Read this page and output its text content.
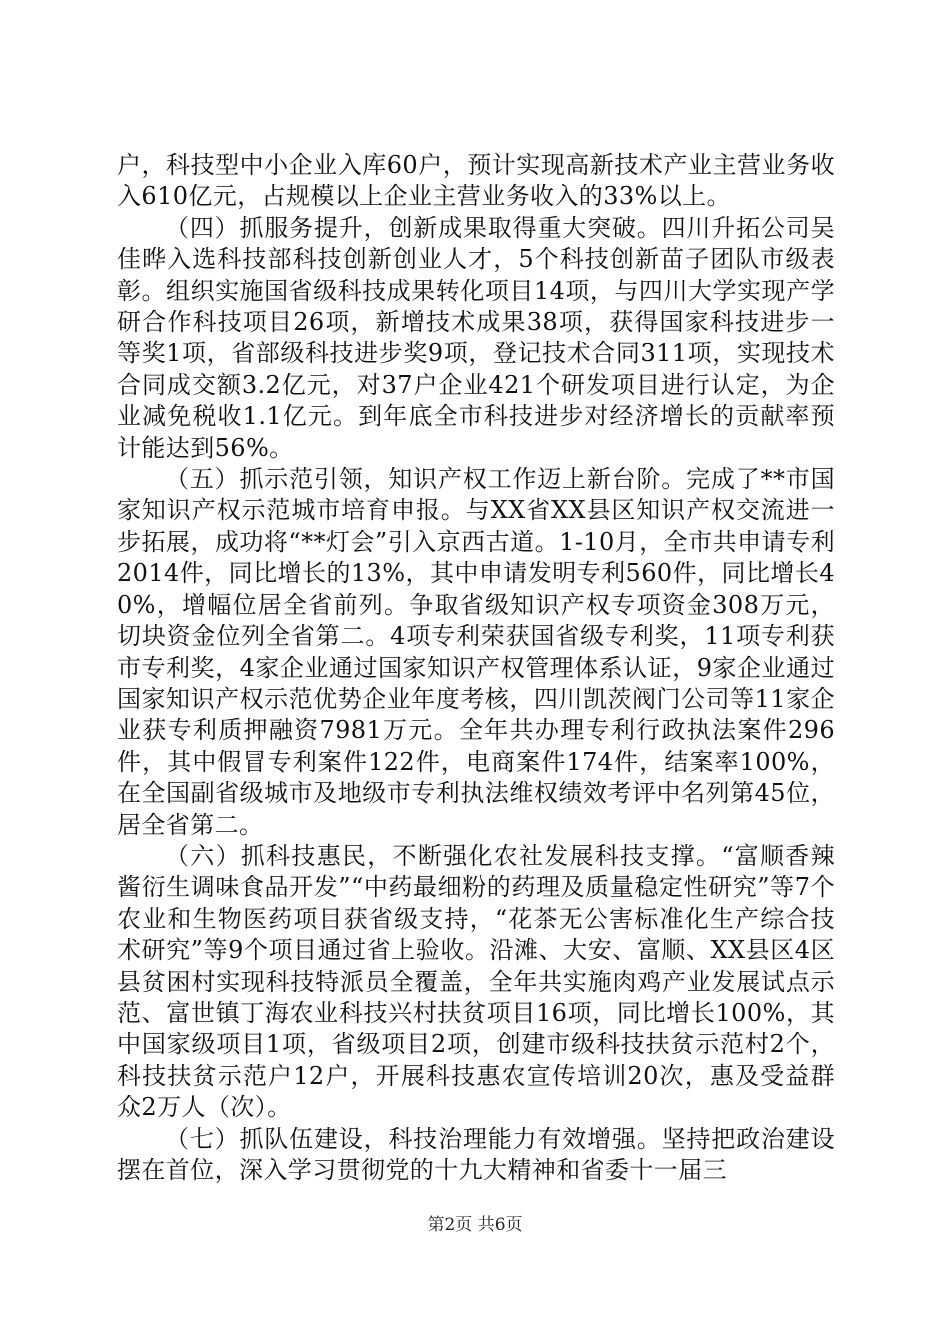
户，科技型中小企业入库60户，预计实现高新技术产业主营业务收入610亿元，占规模以上企业主营业务收入的33%以上。

（四）抓服务提升，创新成果取得重大突破。四川升拓公司吴佳晔入选科技部科技创新创业人才，5个科技创新苗子团队市级表彰。组织实施国省级科技成果转化项目14项，与四川大学实现产学研合作科技项目26项，新增技术成果38项，获得国家科技进步一等奖1项，省部级科技进步奖9项，登记技术合同311项，实现技术合同成交额3.2亿元，对37户企业421个研发项目进行认定，为企业减免税收1.1亿元。到年底全市科技进步对经济增长的贡献率预计能达到56%。

（五）抓示范引领，知识产权工作迈上新台阶。完成了**市国家知识产权示范城市培育申报。与XX省XX县区知识产权交流进一步拓展，成功将“**灯会”引入京西古道。1-10月，全市共申请专利2014件，同比增长的13%，其中申请发明专利560件，同比增长40%，增幅位居全省前列。争取省级知识产权专项资金308万元，切块资金位列全省第二。4项专利荣获国省级专利奖，11项专利获市专利奖，4家企业通过国家知识产权管理体系认证，9家企业通过国家知识产权示范优势企业年度考核，四川凯茨阀门公司等11家企业获专利质押融资7981万元。全年共办理专利行政执法案件296件，其中假冒专利案件122件，电商案件174件，结案率100%，在全国副省级城市及地级市专利执法维权绩效考评中名列第45位，居全省第二。

（六）抓科技惠民，不断强化农社发展科技支撑。“富顺香辣酱衍生调味食品开发”“中药最细粉的药理及质量稳定性研究”等7个农业和生物医药项目获省级支持，“花茶无公害标准化生产综合技术研究”等9个项目通过省上验收。沿滩、大安、富顺、XX县区4区县贫困村实现科技特派员全覆盖，全年共实施肉鸡产业发展试点示范、富世镇丁海农业科技兴村扶贫项目16项，同比增长100%，其中国家级项目1项，省级项目2项，创建市级科技扶贫示范村2个，科技扶贫示范户12户，开展科技惠农宣传培训20次，惠及受益群众2万人（次）。

（七）抓队伍建设，科技治理能力有效增强。坚持把政治建设摆在首位，深入学习贯彻党的十九大精神和省委十一届三

第2页 共6页
